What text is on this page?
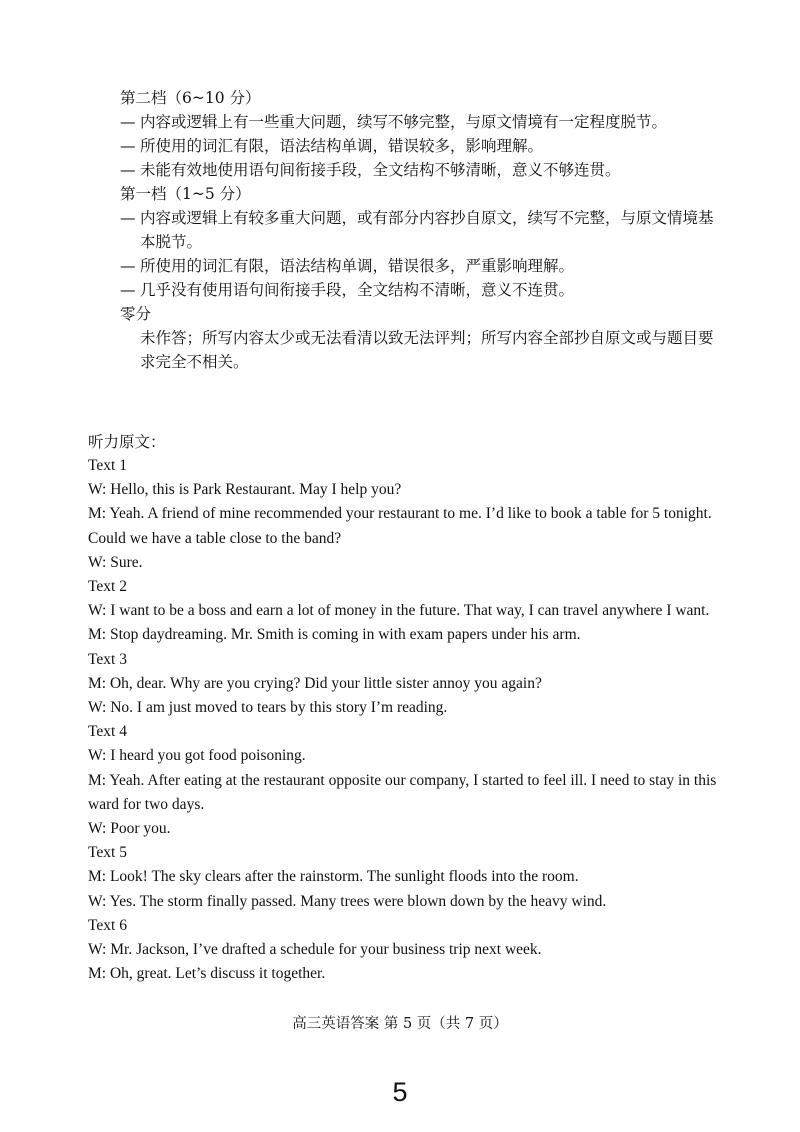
第二档（6~10 分）
— 内容或逻辑上有一些重大问题，续写不够完整，与原文情境有一定程度脱节。
— 所使用的词汇有限，语法结构单调，错误较多，影响理解。
— 未能有效地使用语句间衔接手段，全文结构不够清晰，意义不够连贯。
第一档（1~5 分）
— 内容或逻辑上有较多重大问题，或有部分内容抄自原文，续写不完整，与原文情境基本脱节。
— 所使用的词汇有限，语法结构单调，错误很多，严重影响理解。
— 几乎没有使用语句间衔接手段，全文结构不清晰，意义不连贯。
零分
未作答；所写内容太少或无法看清以致无法评判；所写内容全部抄自原文或与题目要求完全不相关。
听力原文：
Text 1
W: Hello, this is Park Restaurant. May I help you?
M: Yeah. A friend of mine recommended your restaurant to me. I’d like to book a table for 5 tonight. Could we have a table close to the band?
W: Sure.
Text 2
W: I want to be a boss and earn a lot of money in the future. That way, I can travel anywhere I want.
M: Stop daydreaming. Mr. Smith is coming in with exam papers under his arm.
Text 3
M: Oh, dear. Why are you crying? Did your little sister annoy you again?
W: No. I am just moved to tears by this story I’m reading.
Text 4
W: I heard you got food poisoning.
M: Yeah. After eating at the restaurant opposite our company, I started to feel ill. I need to stay in this ward for two days.
W: Poor you.
Text 5
M: Look! The sky clears after the rainstorm. The sunlight floods into the room.
W: Yes. The storm finally passed. Many trees were blown down by the heavy wind.
Text 6
W: Mr. Jackson, I’ve drafted a schedule for your business trip next week.
M: Oh, great. Let’s discuss it together.
高三英语答案 第 5 页（共 7 页）
5
